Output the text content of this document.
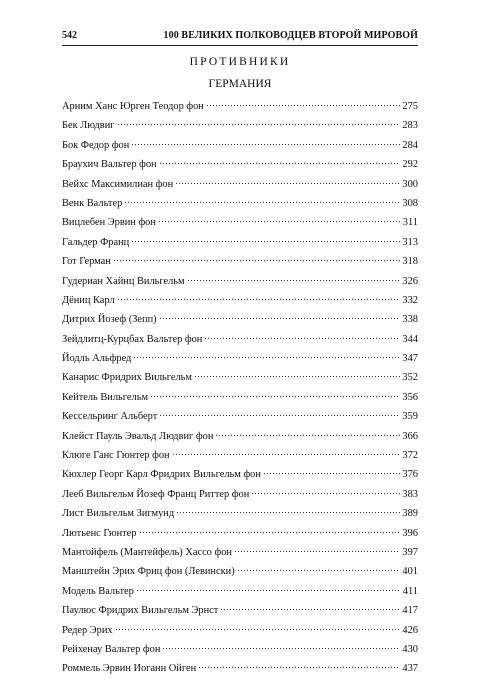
542	100 ВЕЛИКИХ ПОЛКОВОДЦЕВ ВТОРОЙ МИРОВОЙ
ПРОТИВНИКИ
ГЕРМАНИЯ
Арним Ханс Юрген Теодор фон	275
Бек Людвиг	283
Бок Федор фон	284
Браухич Вальтер фон	292
Вейхс Максимилиан фон	300
Венк Вальтер	308
Вицлебен Эрвин фон	311
Гальдер Франц	313
Гот Герман	318
Гудериан Хайнц Вильгельм	326
Дёниц Карл	332
Дитрих Йозеф (Зепп)	338
Зейдлитц-Курцбах Вальтер фон	344
Йодль Альфред	347
Канарис Фридрих Вильгельм	352
Кейтель Вильгельм	356
Кессельринг Альберт	359
Клейст Пауль Эвальд Людвиг фон	366
Клюге Ганс Гюнтер фон	372
Кюхлер Георг Карл Фридрих Вильгельм фон	376
Лееб Вильгельм Йозеф Франц Риттер фон	383
Лист Вильгельм Зигмунд	389
Лютьенс Гюнтер	396
Мантойфель (Мантейфель) Хассо фон	397
Манштейн Эрих Фриц фон (Левински)	401
Модель Вальтер	411
Паулюс Фридрих Вильгельм Эрнст	417
Редер Эрих	426
Рейхенау Вальтер фон	430
Роммель Эрвин Иоганн Ойген	437
